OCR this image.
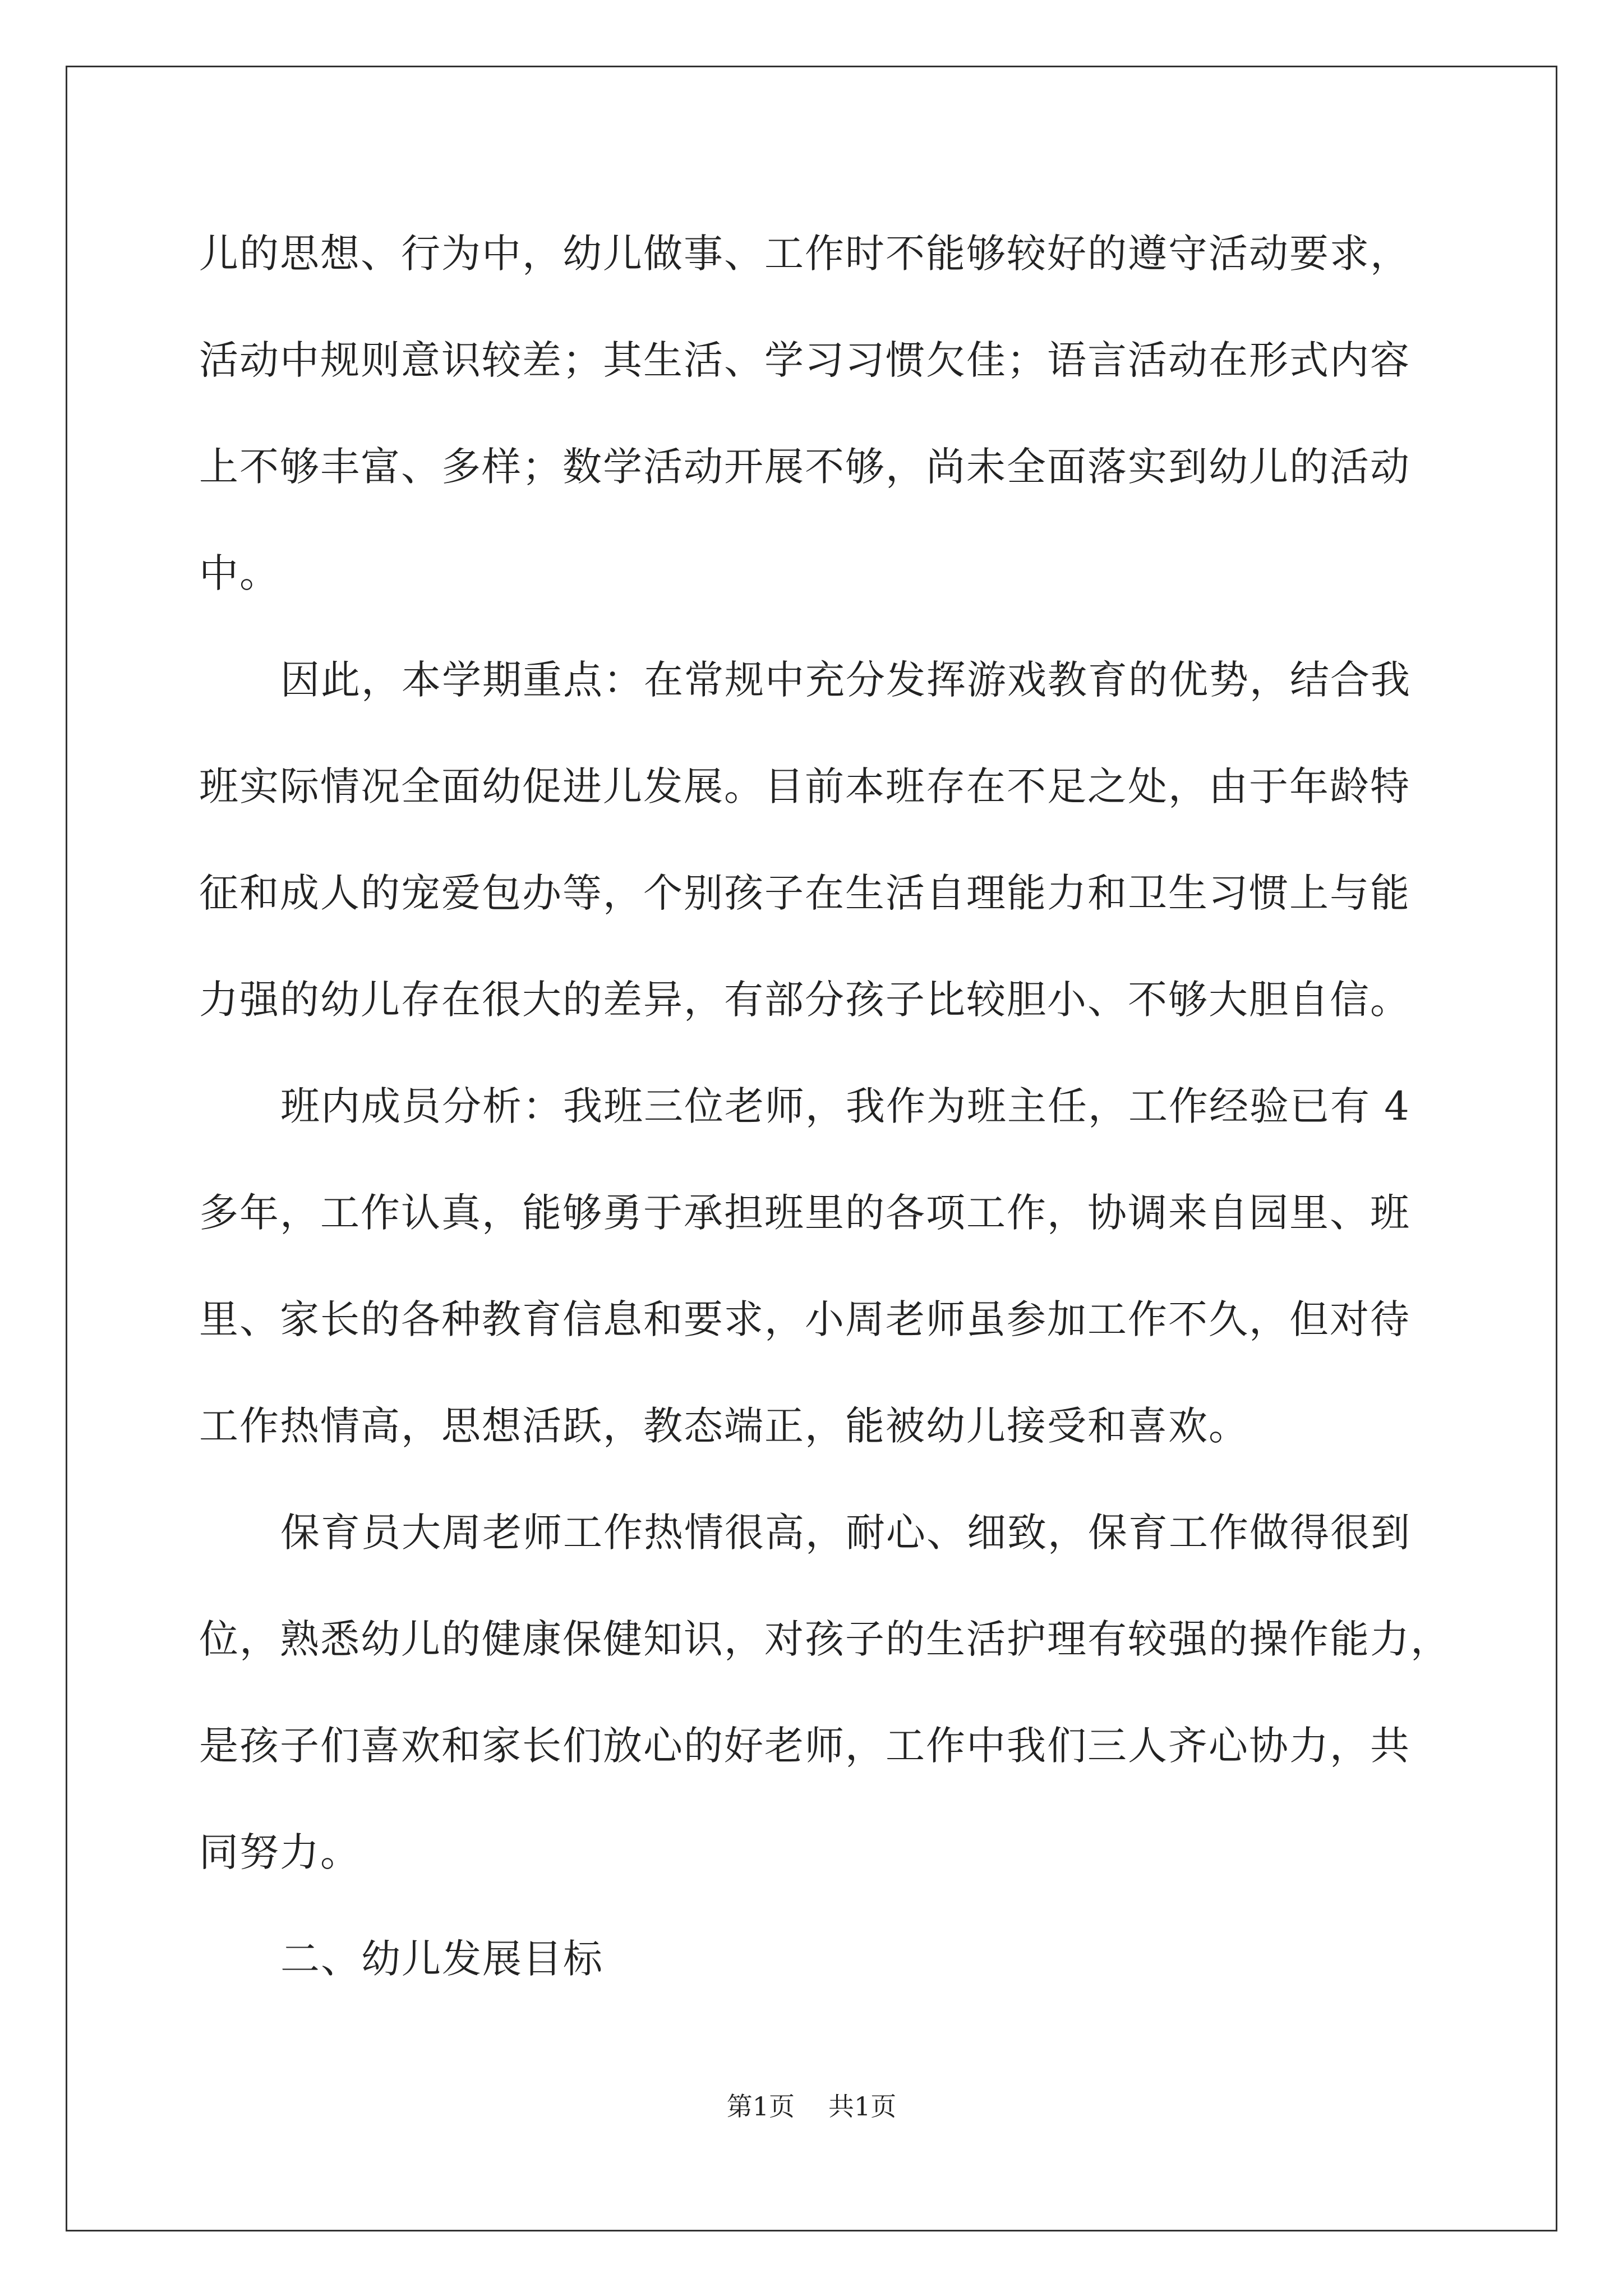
儿的思想、行为中，幼儿做事、工作时不能够较好的遵守活动要求，
活动中规则意识较差；其生活、学习习惯欠佳；语言活动在形式内容
上不够丰富、多样；数学活动开展不够，尚未全面落实到幼儿的活动
中。
因此，本学期重点：在常规中充分发挥游戏教育的优势，结合我
班实际情况全面幼促进儿发展。目前本班存在不足之处，由于年龄特
征和成人的宠爱包办等，个别孩子在生活自理能力和卫生习惯上与能
力强的幼儿存在很大的差异，有部分孩子比较胆小、不够大胆自信。
班内成员分析：我班三位老师，我作为班主任，工作经验已有 4
多年，工作认真，能够勇于承担班里的各项工作，协调来自园里、班
里、家长的各种教育信息和要求，小周老师虽参加工作不久，但对待
工作热情高，思想活跃，教态端正，能被幼儿接受和喜欢。
保育员大周老师工作热情很高，耐心、细致，保育工作做得很到
位，熟悉幼儿的健康保健知识，对孩子的生活护理有较强的操作能力，
是孩子们喜欢和家长们放心的好老师，工作中我们三人齐心协力，共
同努力。
二、幼儿发展目标
第1页 共1页
